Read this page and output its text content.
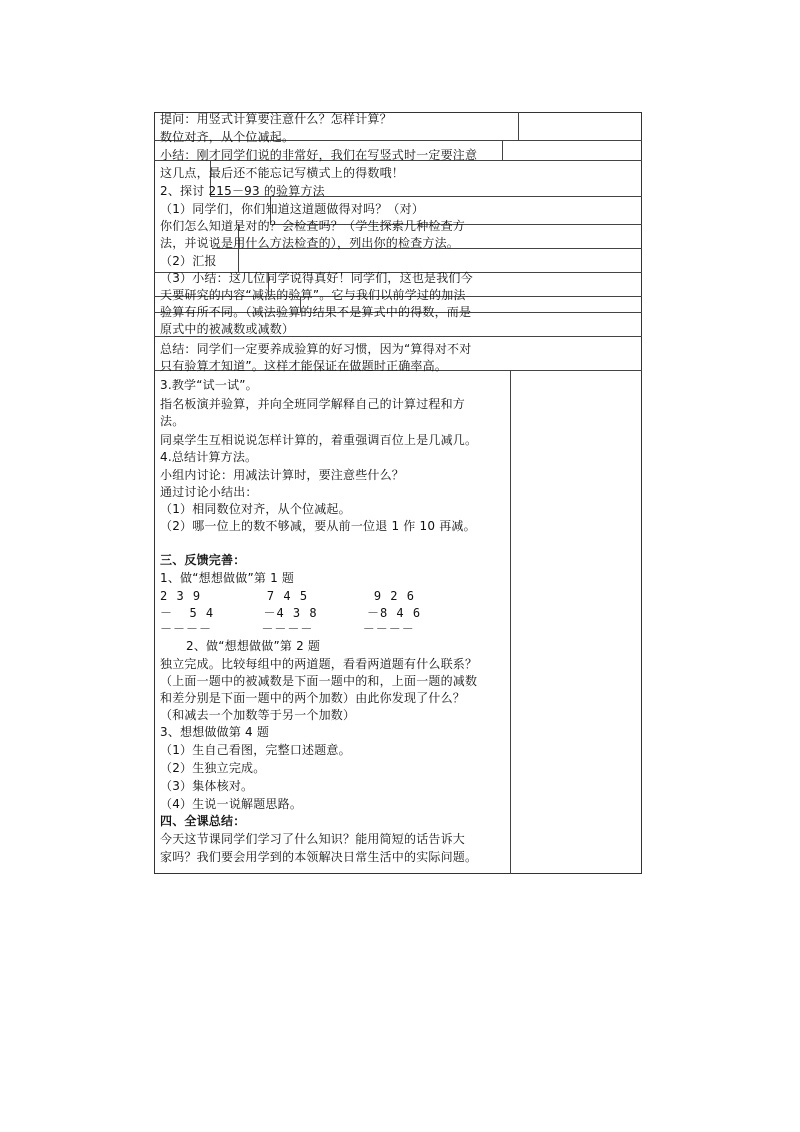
提问：用竖式计算要注意什么？怎样计算？
数位对齐，从个位减起。
小结：刚才同学们说的非常好，我们在写竖式时一定要注意
这几点，最后还不能忘记写横式上的得数哦！
2、探讨 215－93 的验算方法
（1）同学们，你们知道这道题做得对吗？（对）
你们怎么知道是对的？会检查吗？（学生探索几种检查方
法，并说说是用什么方法检查的），列出你的检查方法。
（2）汇报
（3）小结：这几位同学说得真好！同学们，这也是我们今
天要研究的内容“减法的验算”。它与我们以前学过的加法
验算有所不同。（减法验算的结果不是算式中的得数，而是
原式中的被减数或减数）
总结：同学们一定要养成验算的好习惯，因为“算得对不对
只有验算才知道”。这样才能保证在做题时正确率高。
3.教学“试一试”。
指名板演并验算，并向全班同学解释自己的计算过程和方
法。
同桌学生互相说说怎样计算的，着重强调百位上是几减几。
4.总结计算方法。
小组内讨论：用减法计算时，要注意些什么？
通过讨论小结出：
（1）相同数位对齐，从个位减起。
（2）哪一位上的数不够减，要从前一位退 1 作 10 再减。
三、反馈完善：
1、做“想想做做”第 1 题
2 3 9        7 4 5        9 2 6
－  5 4      －4 3 8      －8 4 6
－－－－      －－－－      －－－－
2、做“想想做做”第 2 题
独立完成。比较每组中的两道题，看看两道题有什么联系？
（上面一题中的被减数是下面一题中的和，上面一题的减数
和差分别是下面一题中的两个加数）由此你发现了什么？
（和减去一个加数等于另一个加数）
3、想想做做第 4 题
（1）生自己看图，完整口述题意。
（2）生独立完成。
（3）集体核对。
（4）生说一说解题思路。
四、全课总结：
今天这节课同学们学习了什么知识？能用简短的话告诉大
家吗？我们要会用学到的本领解决日常生活中的实际问题。
